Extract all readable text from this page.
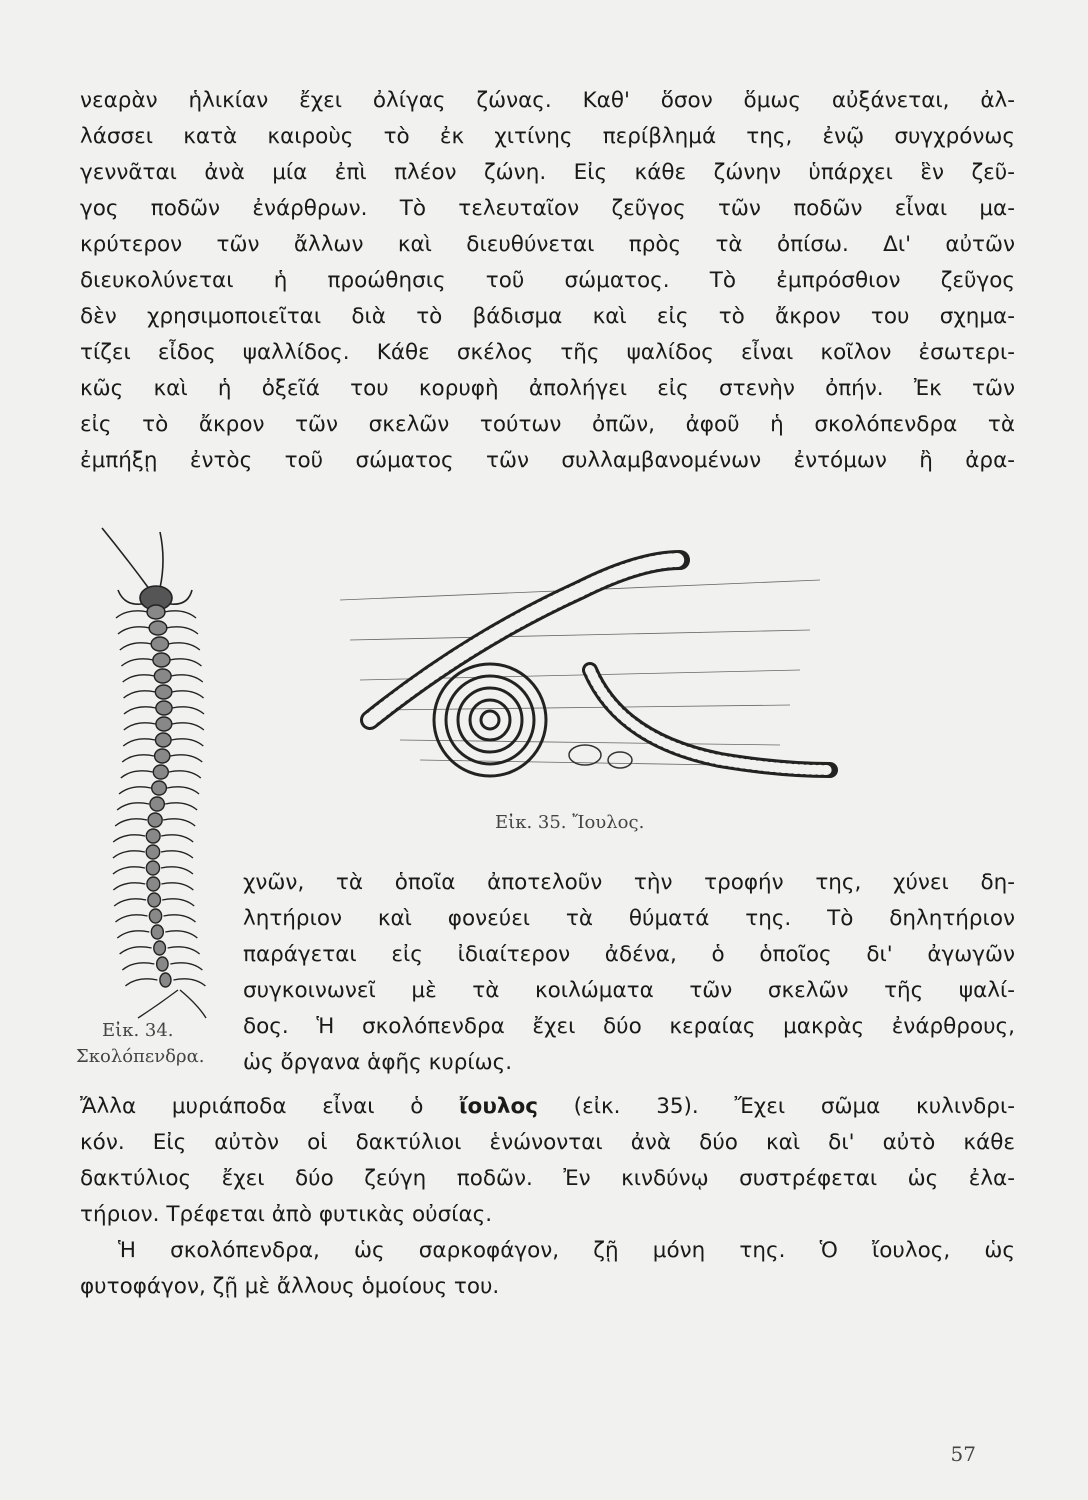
νεαρὰν ἡλικίαν ἔχει ὀλίγας ζώνας. Καθ' ὅσον ὅμως αὐξάνεται, ἀλ-
λάσσει κατὰ καιροὺς τὸ ἐκ χιτίνης περίβλημά της, ἐνῷ συγχρόνως
γεννᾶται ἀνὰ μία ἐπὶ πλέον ζώνη. Εἰς κάθε ζώνην ὑπάρχει ἓν ζεῦ-
γος ποδῶν ἐνάρθρων. Τὸ τελευταῖον ζεῦγος τῶν ποδῶν εἶναι μα-
κρύτερον τῶν ἄλλων καὶ διευθύνεται πρὸς τὰ ὀπίσω. Δι' αὐτῶν
διευκολύνεται ἡ προώθησις τοῦ σώματος. Τὸ ἐμπρόσθιον ζεῦγος
δὲν χρησιμοποιεῖται διὰ τὸ βάδισμα καὶ εἰς τὸ ἄκρον του σχημα-
τίζει εἶδος ψαλλίδος. Κάθε σκέλος τῆς ψαλίδος εἶναι κοῖλον ἐσωτερι-
κῶς καὶ ἡ ὀξεῖά του κορυφὴ ἀπολήγει εἰς στενὴν ὀπήν. Ἐκ τῶν
εἰς τὸ ἄκρον τῶν σκελῶν τούτων ὀπῶν, ἀφοῦ ἡ σκολόπενδρα τὰ
ἐμπήξῃ ἐντὸς τοῦ σώματος τῶν συλλαμβανομένων ἐντόμων ἢ ἀρα-
Εἰκ. 34.
Σκολόπενδρα.
Εἰκ. 35. Ἴουλος.
χνῶν, τὰ ὁποῖα ἀποτελοῦν τὴν τροφήν της, χύνει δη-
λητήριον καὶ φονεύει τὰ θύματά της. Τὸ δηλητήριον
παράγεται εἰς ἰδιαίτερον ἀδένα, ὁ ὁποῖος δι' ἀγωγῶν
συγκοινωνεῖ μὲ τὰ κοιλώματα τῶν σκελῶν τῆς ψαλί-
δος. Ἡ σκολόπενδρα ἔχει δύο κεραίας μακρὰς ἐνάρθρους,
ὡς ὄργανα ἁφῆς κυρίως.
Ἄλλα μυριάποδα εἶναι ὁ ἴουλος (εἰκ. 35). Ἔχει σῶμα κυλινδρι-
κόν. Εἰς αὐτὸν οἱ δακτύλιοι ἑνώνονται ἀνὰ δύο καὶ δι' αὐτὸ κάθε
δακτύλιος ἔχει δύο ζεύγη ποδῶν. Ἐν κινδύνῳ συστρέφεται ὡς ἐλα-
τήριον. Τρέφεται ἀπὸ φυτικὰς οὐσίας.
Ἡ σκολόπενδρα, ὡς σαρκοφάγον, ζῇ μόνη της. Ὁ ἴουλος, ὡς
φυτοφάγον, ζῇ μὲ ἄλλους ὁμοίους του.
57
